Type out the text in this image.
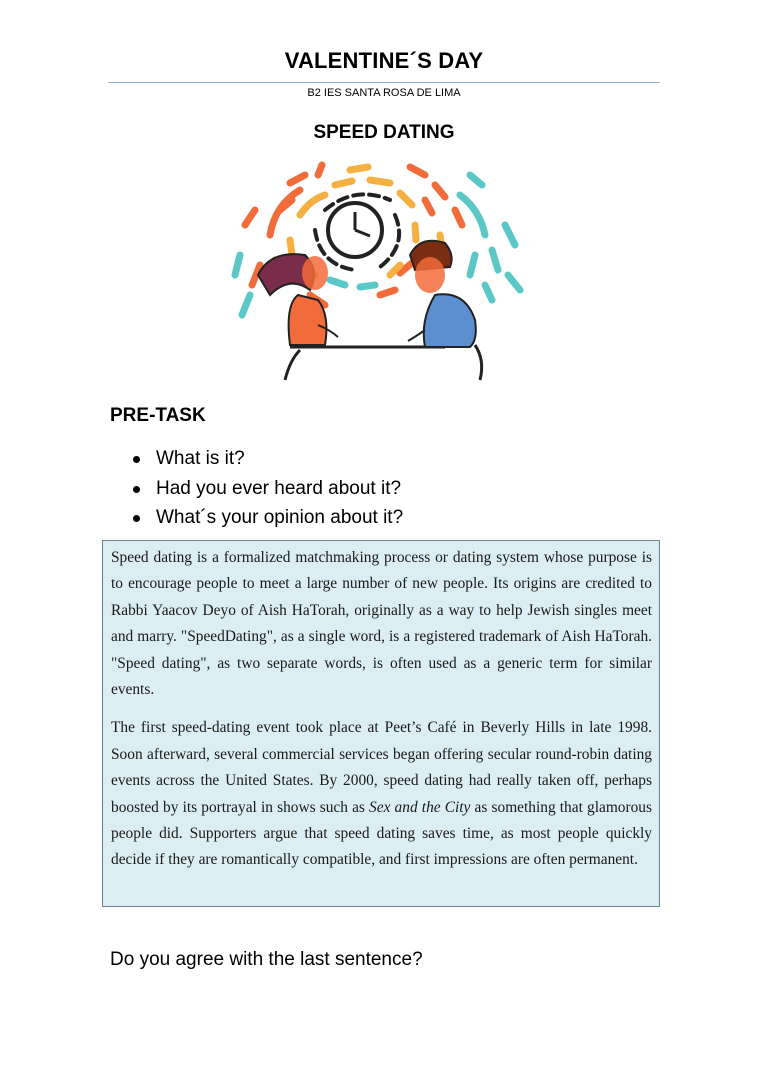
VALENTINE´S DAY
B2 IES SANTA ROSA DE LIMA
SPEED DATING
PRE-TASK
What is it?
Had you ever heard about it?
What´s your opinion about it?

Speed dating is a formalized matchmaking process or dating system whose purpose is to encourage people to meet a large number of new people. Its origins are credited to Rabbi Yaacov Deyo of Aish HaTorah, originally as a way to help Jewish singles meet and marry. "SpeedDating", as a single word, is a registered trademark of Aish HaTorah. "Speed dating", as two separate words, is often used as a generic term for similar events.

The first speed-dating event took place at Peet’s Café in Beverly Hills in late 1998. Soon afterward, several commercial services began offering secular round-robin dating events across the United States. By 2000, speed dating had really taken off, perhaps boosted by its portrayal in shows such as Sex and the City as something that glamorous people did. Supporters argue that speed dating saves time, as most people quickly decide if they are romantically compatible, and first impressions are often permanent.

Do you agree with the last sentence?
